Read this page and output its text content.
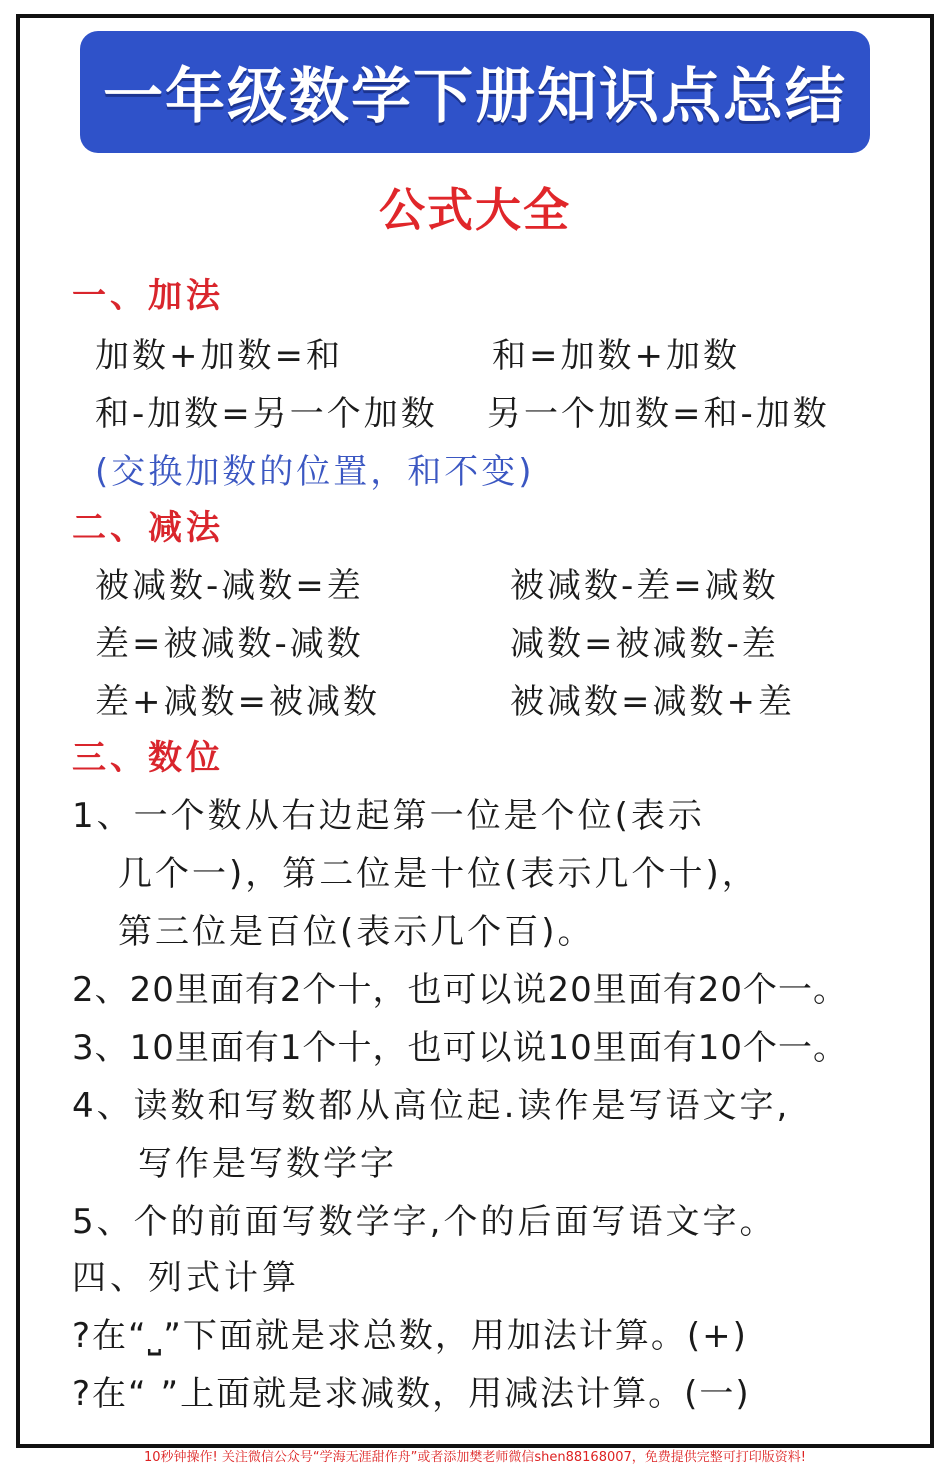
一年级数学下册知识点总结
公式大全
一、加法
加数+加数=和	和=加数+加数
和-加数=另一个加数 另一个加数=和-加数
(交换加数的位置，和不变)
二、减法
被减数-减数=差	被减数-差=减数
差=被减数-减数	减数=被减数-差
差+减数=被减数	被减数=减数+差
三、数位
1、一个数从右边起第一位是个位(表示
几个一)，第二位是十位(表示几个十)，
第三位是百位(表示几个百)。
2、20里面有2个十，也可以说20里面有20个一。
3、10里面有1个十，也可以说10里面有10个一。
4、读数和写数都从高位起.读作是写语文字,
写作是写数学字
5、个的前面写数学字,个的后面写语文字。
四、列式计算
?在“⎵”下面就是求总数，用加法计算。(+)
?在“ ”上面就是求减数，用减法计算。(一)
10秒钟操作! 关注微信公众号“学海无涯甜作舟”或者添加樊老师微信shen88168007，免费提供完整可打印版资料!
